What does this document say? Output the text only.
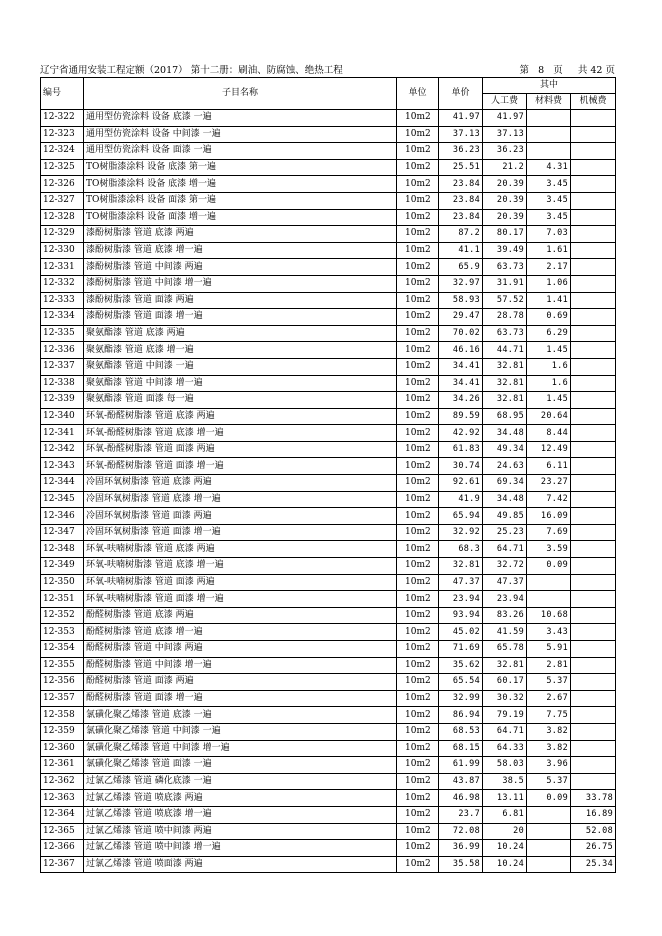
辽宁省通用安装工程定额（2017） 第十二册：刷油、防腐蚀、绝热工程	第 8 页 共 42 页
编号	子目名称	单位	单价	其中		
				人工费	材料费	机械费
12-322	通用型仿瓷涂料 设备 底漆 一遍	10m2	41.97	41.97		
12-323	通用型仿瓷涂料 设备 中间漆 一遍	10m2	37.13	37.13		
12-324	通用型仿瓷涂料 设备 面漆 一遍	10m2	36.23	36.23		
12-325	TO树脂漆涂料 设备 底漆 第一遍	10m2	25.51	21.2	4.31	
12-326	TO树脂漆涂料 设备 底漆 增一遍	10m2	23.84	20.39	3.45	
12-327	TO树脂漆涂料 设备 面漆 第一遍	10m2	23.84	20.39	3.45	
12-328	TO树脂漆涂料 设备 面漆 增一遍	10m2	23.84	20.39	3.45	
12-329	漆酚树脂漆 管道 底漆 两遍	10m2	87.2	80.17	7.03	
12-330	漆酚树脂漆 管道 底漆 增一遍	10m2	41.1	39.49	1.61	
12-331	漆酚树脂漆 管道 中间漆 两遍	10m2	65.9	63.73	2.17	
12-332	漆酚树脂漆 管道 中间漆 增一遍	10m2	32.97	31.91	1.06	
12-333	漆酚树脂漆 管道 面漆 两遍	10m2	58.93	57.52	1.41	
12-334	漆酚树脂漆 管道 面漆 增一遍	10m2	29.47	28.78	0.69	
12-335	聚氨酯漆 管道 底漆 两遍	10m2	70.02	63.73	6.29	
12-336	聚氨酯漆 管道 底漆 增一遍	10m2	46.16	44.71	1.45	
12-337	聚氨酯漆 管道 中间漆 一遍	10m2	34.41	32.81	1.6	
12-338	聚氨酯漆 管道 中间漆 增一遍	10m2	34.41	32.81	1.6	
12-339	聚氨酯漆 管道 面漆 每一遍	10m2	34.26	32.81	1.45	
12-340	环氧-酚醛树脂漆 管道 底漆 两遍	10m2	89.59	68.95	20.64	
12-341	环氧-酚醛树脂漆 管道 底漆 增一遍	10m2	42.92	34.48	8.44	
12-342	环氧-酚醛树脂漆 管道 面漆 两遍	10m2	61.83	49.34	12.49	
12-343	环氧-酚醛树脂漆 管道 面漆 增一遍	10m2	30.74	24.63	6.11	
12-344	冷固环氧树脂漆 管道 底漆 两遍	10m2	92.61	69.34	23.27	
12-345	冷固环氧树脂漆 管道 底漆 增一遍	10m2	41.9	34.48	7.42	
12-346	冷固环氧树脂漆 管道 面漆 两遍	10m2	65.94	49.85	16.09	
12-347	冷固环氧树脂漆 管道 面漆 增一遍	10m2	32.92	25.23	7.69	
12-348	环氧-呋喃树脂漆 管道 底漆 两遍	10m2	68.3	64.71	3.59	
12-349	环氧-呋喃树脂漆 管道 底漆 增一遍	10m2	32.81	32.72	0.09	
12-350	环氧-呋喃树脂漆 管道 面漆 两遍	10m2	47.37	47.37		
12-351	环氧-呋喃树脂漆 管道 面漆 增一遍	10m2	23.94	23.94		
12-352	酚醛树脂漆 管道 底漆 两遍	10m2	93.94	83.26	10.68	
12-353	酚醛树脂漆 管道 底漆 增一遍	10m2	45.02	41.59	3.43	
12-354	酚醛树脂漆 管道 中间漆 两遍	10m2	71.69	65.78	5.91	
12-355	酚醛树脂漆 管道 中间漆 增一遍	10m2	35.62	32.81	2.81	
12-356	酚醛树脂漆 管道 面漆 两遍	10m2	65.54	60.17	5.37	
12-357	酚醛树脂漆 管道 面漆 增一遍	10m2	32.99	30.32	2.67	
12-358	氯磺化聚乙烯漆 管道 底漆 一遍	10m2	86.94	79.19	7.75	
12-359	氯磺化聚乙烯漆 管道 中间漆 一遍	10m2	68.53	64.71	3.82	
12-360	氯磺化聚乙烯漆 管道 中间漆 增一遍	10m2	68.15	64.33	3.82	
12-361	氯磺化聚乙烯漆 管道 面漆 一遍	10m2	61.99	58.03	3.96	
12-362	过氯乙烯漆 管道 磷化底漆 一遍	10m2	43.87	38.5	5.37	
12-363	过氯乙烯漆 管道 喷底漆 两遍	10m2	46.98	13.11	0.09	33.78
12-364	过氯乙烯漆 管道 喷底漆 增一遍	10m2	23.7	6.81		16.89
12-365	过氯乙烯漆 管道 喷中间漆 两遍	10m2	72.08	20		52.08
12-366	过氯乙烯漆 管道 喷中间漆 增一遍	10m2	36.99	10.24		26.75
12-367	过氯乙烯漆 管道 喷面漆 两遍	10m2	35.58	10.24		25.34
